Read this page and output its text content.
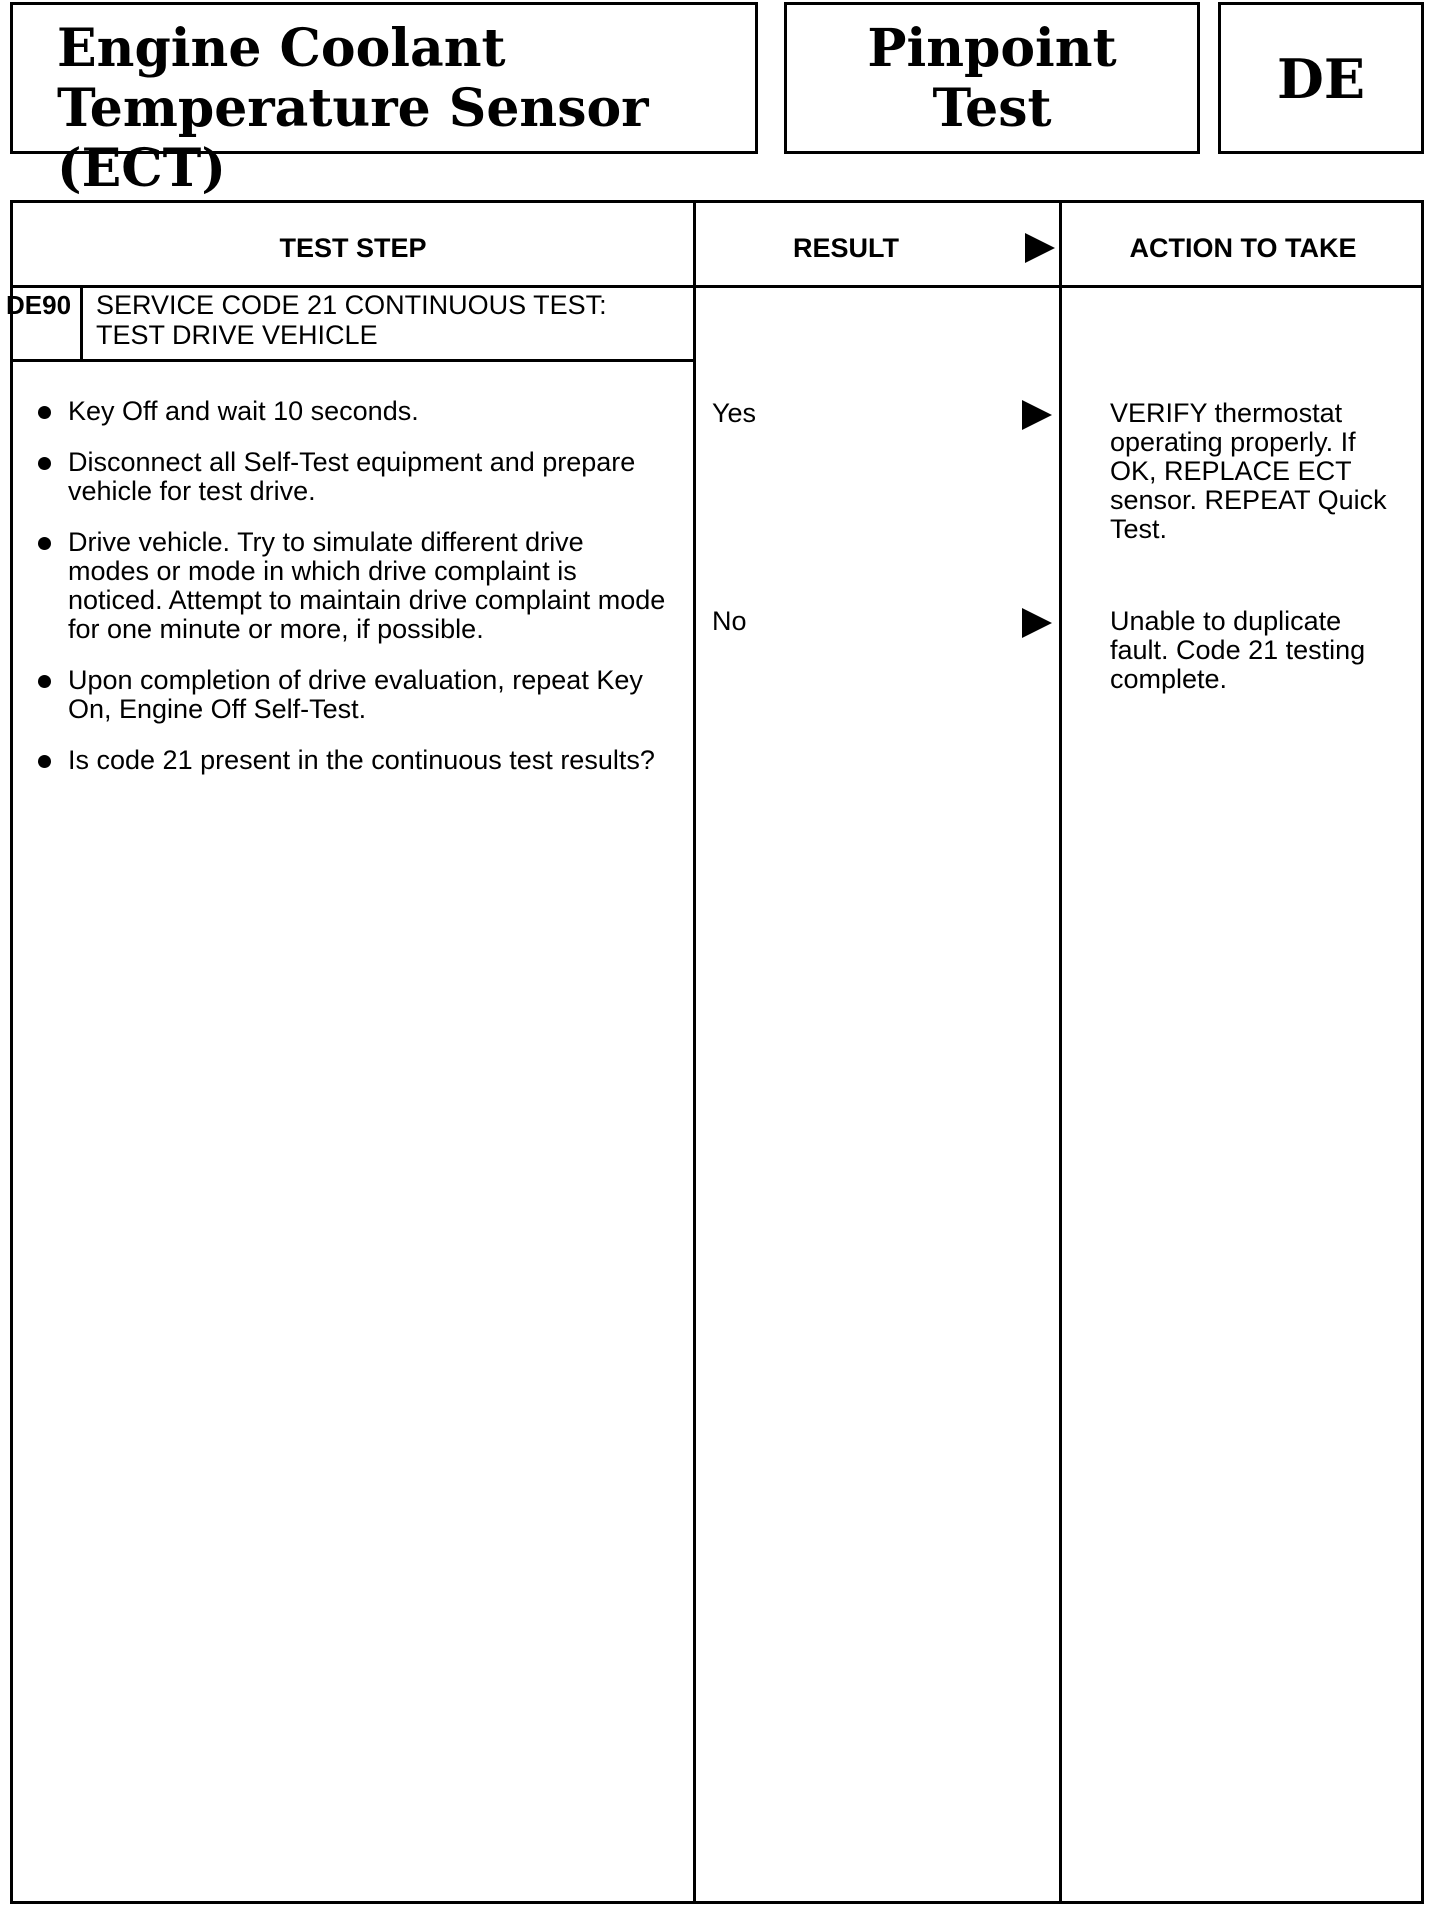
Engine Coolant
Temperature Sensor (ECT)
Pinpoint
Test	DE
TEST STEP	RESULT	ACTION TO TAKE
DE90 SERVICE CODE 21 CONTINUOUS TEST:
TEST DRIVE VEHICLE
Key Off and wait 10 seconds.
Disconnect all Self-Test equipment and prepare vehicle for test drive.
Drive vehicle. Try to simulate different drive modes or mode in which drive complaint is noticed. Attempt to maintain drive complaint mode for one minute or more, if possible.
Upon completion of drive evaluation, repeat Key On, Engine Off Self-Test.
Is code 21 present in the continuous test results?
Yes	VERIFY thermostat operating properly. If OK, REPLACE ECT sensor. REPEAT Quick Test.
No	Unable to duplicate fault. Code 21 testing complete.
